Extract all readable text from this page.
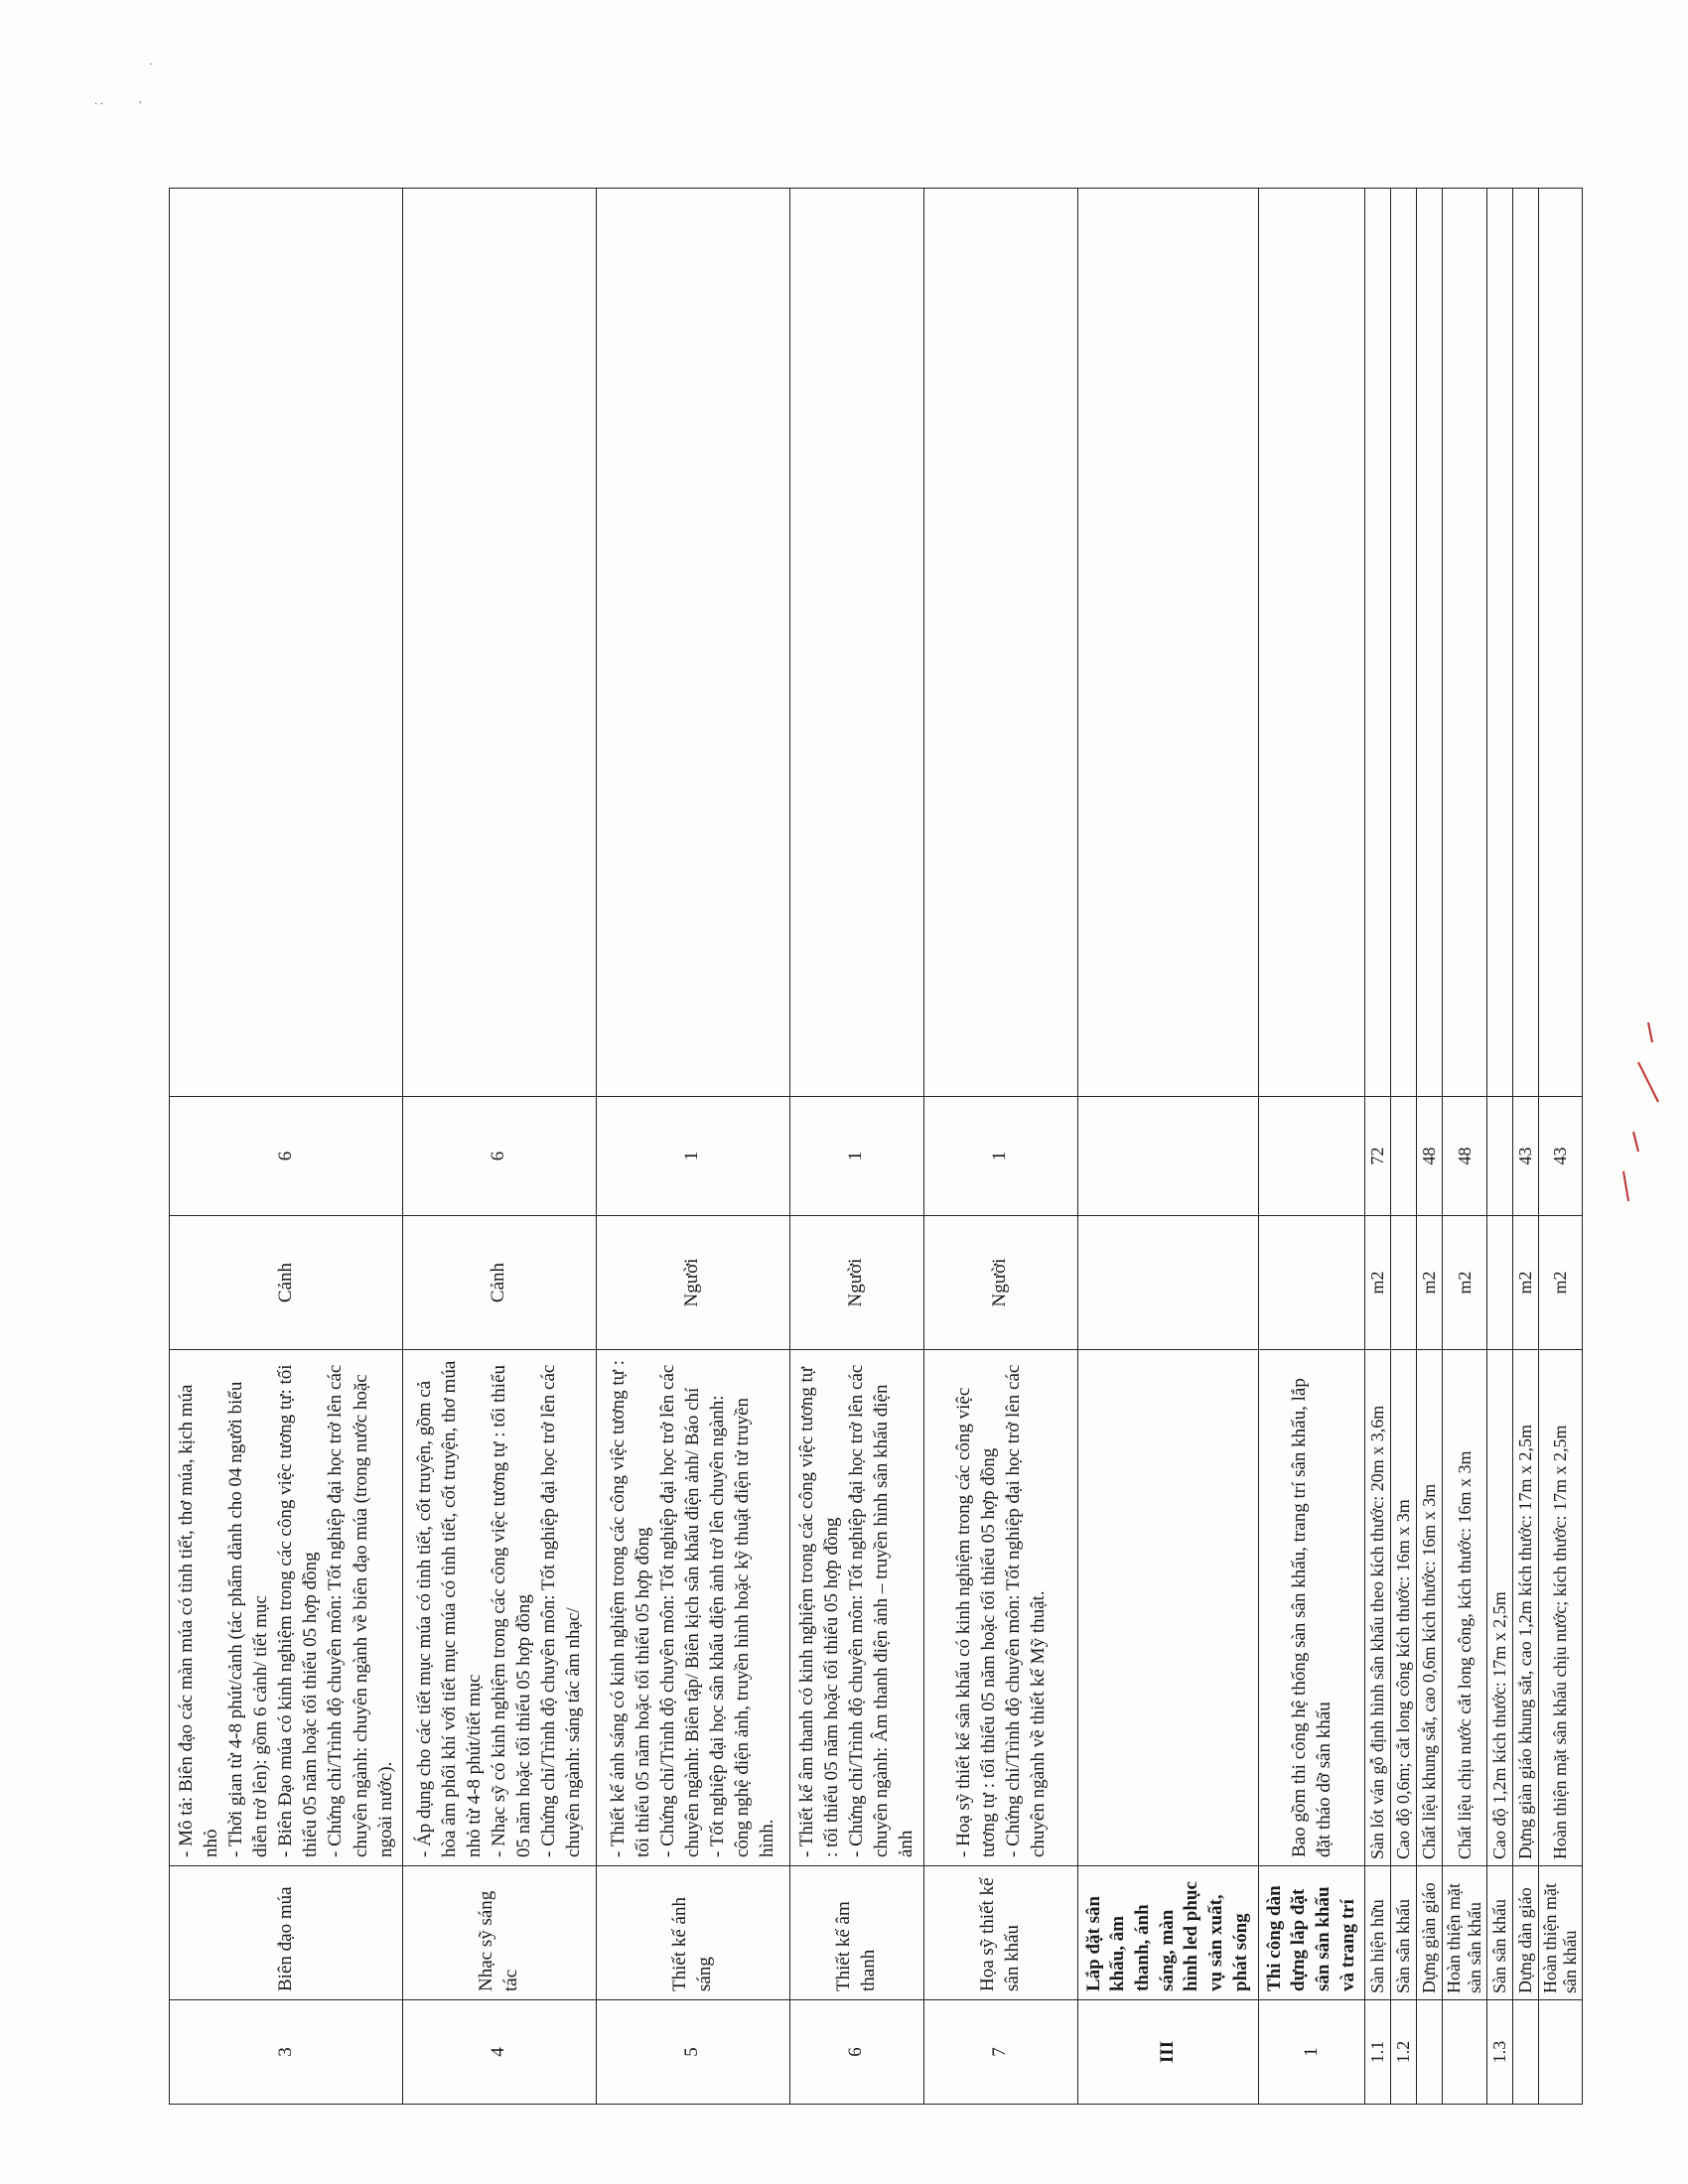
·
· ·	,
3	Biên đạo múa	- Mô tả: Biên đạo các màn múa có tình tiết, thơ múa, kịch múa nhỏ - Thời gian từ 4-8 phút/cảnh (tác phẩm dành cho 04 người biểu diễn trở lên): gồm 6 cảnh/ tiết mục - Biên Đạo múa có kinh nghiệm trong các công việc tương tự: tối thiểu 05 năm hoặc tối thiểu 05 hợp đồng - Chứng chỉ/Trình độ chuyên môn: Tốt nghiệp đại học trở lên các chuyên ngành: chuyên ngành về biên đạo múa (trong nước hoặc ngoài nước).	Cảnh	6	
4	Nhạc sỹ sáng tác	- Áp dụng cho các tiết mục múa có tình tiết, cốt truyện, gồm cả hòa âm phối khí với tiết mục múa có tình tiết, cốt truyện, thơ múa nhỏ từ 4-8 phút/tiết mục - Nhạc sỹ có kinh nghiệm trong các công việc tương tự : tối thiểu 05 năm hoặc tối thiểu 05 hợp đồng - Chứng chỉ/Trình độ chuyên môn: Tốt nghiệp đại học trở lên các chuyên ngành: sáng tác âm nhạc/	Cảnh	6	
5	Thiết kế ánh sáng	- Thiết kế ánh sáng có kinh nghiệm trong các công việc tương tự : tối thiểu 05 năm hoặc tối thiểu 05 hợp đồng - Chứng chỉ/Trình độ chuyên môn: Tốt nghiệp đại học trở lên các chuyên ngành: Biên tập/ Biên kịch sân khấu điện ảnh/ Báo chí - Tốt nghiệp đại học sân khấu điện ảnh trở lên chuyên ngành: công nghệ điện ảnh, truyền hình hoặc kỹ thuật điện tử truyền hình.	Người	1	
6	Thiết kế âm thanh	- Thiết kế âm thanh có kinh nghiệm trong các công việc tương tự : tối thiểu 05 năm hoặc tối thiểu 05 hợp đồng - Chứng chỉ/Trình độ chuyên môn: Tốt nghiệp đại học trở lên các chuyên ngành: Âm thanh điện ảnh – truyền hình sân khấu điện ảnh	Người	1	
7	Họa sỹ thiết kế sân khấu	- Hoạ sỹ thiết kế sân khấu có kinh nghiệm trong các công việc tương tự : tối thiểu 05 năm hoặc tối thiểu 05 hợp đồng - Chứng chỉ/Trình độ chuyên môn: Tốt nghiệp đại học trở lên các chuyên ngành về thiết kế Mỹ thuật.	Người	1	
III	Lắp đặt sân khấu, âm thanh, ánh sáng, màn hình led phục vụ sản xuất, phát sóng				
1	Thi công dàn dựng lắp đặt sân sân khấu và trang trí	Bao gồm thi công hệ thống sàn sân khấu, trang trí sân khấu, lắp đặt tháo dỡ sân khấu			
1.1	Sàn hiện hữu	Sàn lót ván gỗ định hình sân khấu theo kích thước: 20m x 3,6m	m2	72	
1.2	Sàn sân khấu	Cao độ 0,6m; cắt long công kích thước: 16m x 3m			
	Dựng giàn giáo	Chất liệu khung sắt, cao 0,6m kích thước: 16m x 3m	m2	48	
	Hoàn thiện mặt sàn sân khấu	Chất liệu chịu nước cắt long công, kích thước: 16m x 3m	m2	48	
1.3	Sàn sân khấu	Cao độ 1,2m kích thước: 17m x 2,5m			
	Dựng dàn giáo	Dựng giàn giáo khung sắt, cao 1,2m kích thước: 17m x 2,5m	m2	43	
	Hoàn thiện mặt sân khấu	Hoàn thiện mặt sân khấu chịu nước; kích thước: 17m x 2,5m	m2	43	
